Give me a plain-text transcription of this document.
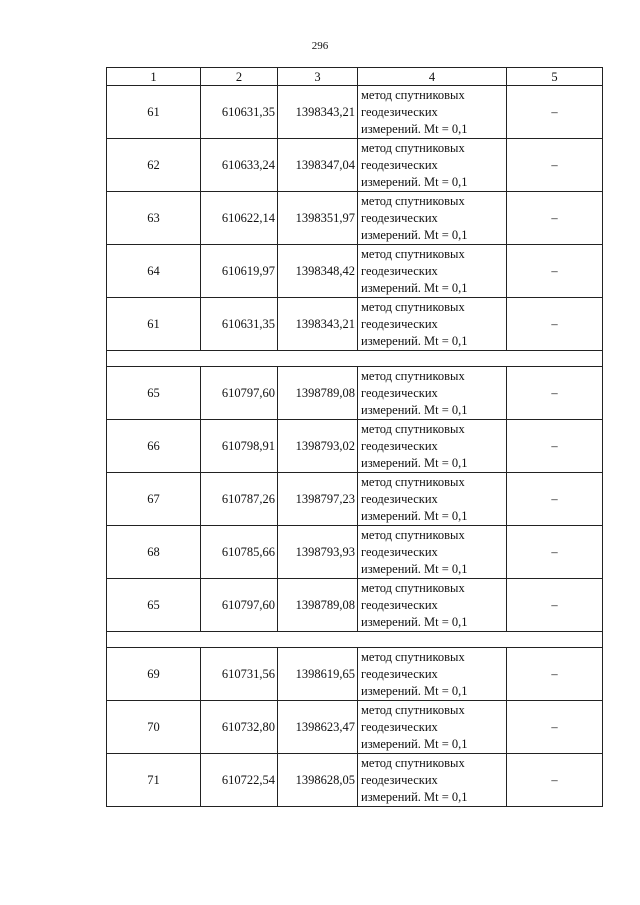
296
1	2	3	4	5
61	610631,35	1398343,21	метод спутниковых
геодезических
измерений. Mt = 0,1	–
62	610633,24	1398347,04	метод спутниковых
геодезических
измерений. Mt = 0,1	–
63	610622,14	1398351,97	метод спутниковых
геодезических
измерений. Mt = 0,1	–
64	610619,97	1398348,42	метод спутниковых
геодезических
измерений. Mt = 0,1	–
61	610631,35	1398343,21	метод спутниковых
геодезических
измерений. Mt = 0,1	–

65	610797,60	1398789,08	метод спутниковых
геодезических
измерений. Mt = 0,1	–
66	610798,91	1398793,02	метод спутниковых
геодезических
измерений. Mt = 0,1	–
67	610787,26	1398797,23	метод спутниковых
геодезических
измерений. Mt = 0,1	–
68	610785,66	1398793,93	метод спутниковых
геодезических
измерений. Mt = 0,1	–
65	610797,60	1398789,08	метод спутниковых
геодезических
измерений. Mt = 0,1	–

69	610731,56	1398619,65	метод спутниковых
геодезических
измерений. Mt = 0,1	–
70	610732,80	1398623,47	метод спутниковых
геодезических
измерений. Mt = 0,1	–
71	610722,54	1398628,05	метод спутниковых
геодезических
измерений. Mt = 0,1	–
